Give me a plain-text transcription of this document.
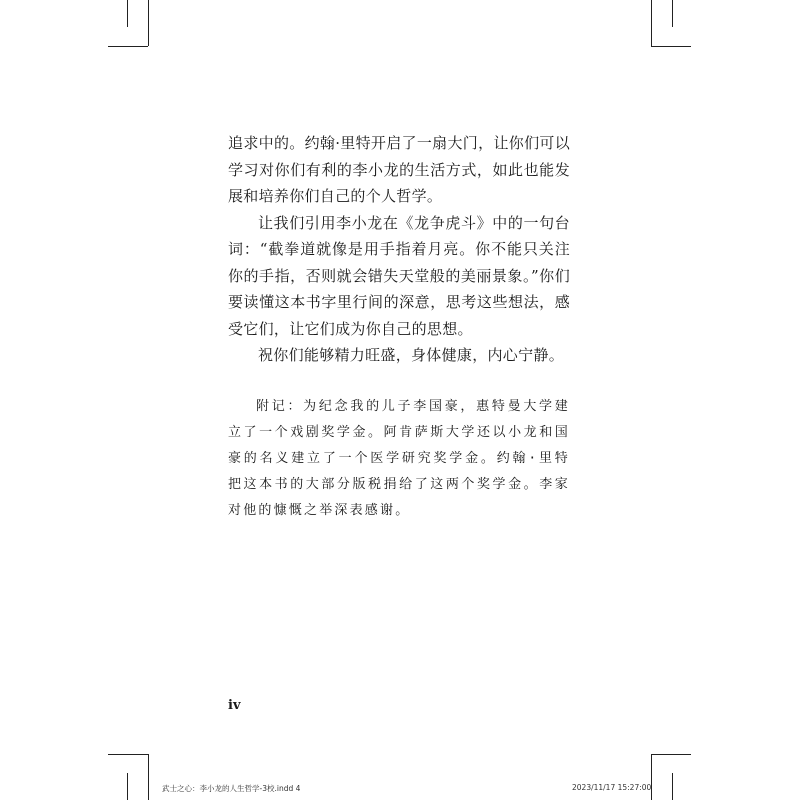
追求中的。约翰·里特开启了一扇大门，让你们可以学习对你们有利的李小龙的生活方式，如此也能发展和培养你们自己的个人哲学。

让我们引用李小龙在《龙争虎斗》中的一句台词：“截拳道就像是用手指着月亮。你不能只关注你的手指，否则就会错失天堂般的美丽景象。”你们要读懂这本书字里行间的深意，思考这些想法，感受它们，让它们成为你自己的思想。

祝你们能够精力旺盛，身体健康，内心宁静。

附记：为纪念我的儿子李国豪，惠特曼大学建立了一个戏剧奖学金。阿肯萨斯大学还以小龙和国豪的名义建立了一个医学研究奖学金。约翰·里特把这本书的大部分版税捐给了这两个奖学金。李家对他的慷慨之举深表感谢。

iv
武士之心：李小龙的人生哲学-3校.indd 4	2023/11/17 15:27:00
